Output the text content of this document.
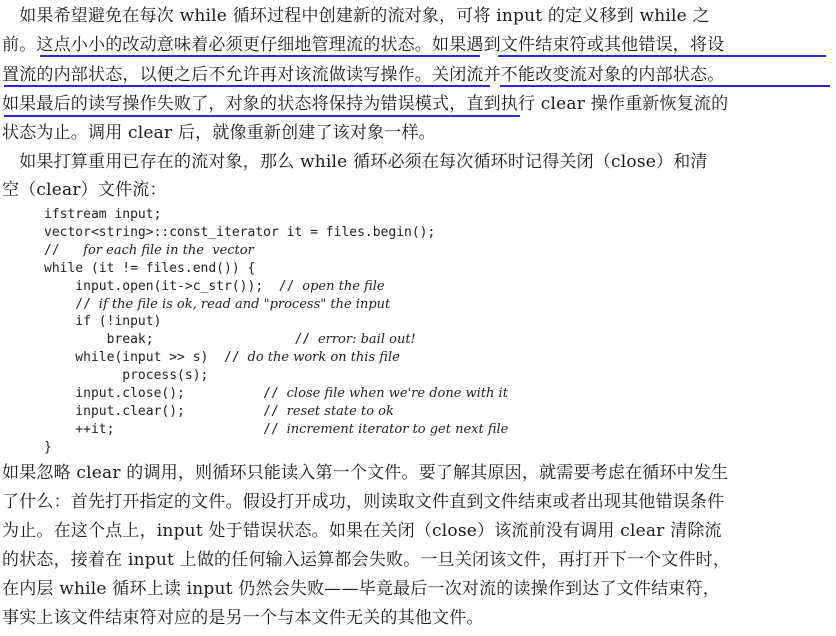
　如果希望避免在每次 while 循环过程中创建新的流对象，可将 input 的定义移到 while 之
前。这点小小的改动意味着必须更仔细地管理流的状态。如果遇到文件结束符或其他错误，将设
置流的内部状态，以便之后不允许再对该流做读写操作。关闭流并不能改变流对象的内部状态。
如果最后的读写操作失败了，对象的状态将保持为错误模式，直到执行 clear 操作重新恢复流的
状态为止。调用 clear 后，就像重新创建了该对象一样。
　如果打算重用已存在的流对象，那么 while 循环必须在每次循环时记得关闭（close）和清
空（clear）文件流：
ifstream input;
vector<string>::const_iterator it = files.begin();
//   for each file in the  vector
while (it != files.end()) {
input.open(it->c_str());  // open the file
// if the file is ok, read and "process" the input
if (!input)
break;                  // error: bail out!
while(input >> s)  // do the work on this file
process(s);
input.close();          // close file when we're done with it
input.clear();          // reset state to ok
++it;                   // increment iterator to get next file
}
如果忽略 clear 的调用，则循环只能读入第一个文件。要了解其原因，就需要考虑在循环中发生
了什么：首先打开指定的文件。假设打开成功，则读取文件直到文件结束或者出现其他错误条件
为止。在这个点上，input 处于错误状态。如果在关闭（close）该流前没有调用 clear 清除流
的状态，接着在 input 上做的任何输入运算都会失败。一旦关闭该文件，再打开下一个文件时，
在内层 while 循环上读 input 仍然会失败——毕竟最后一次对流的读操作到达了文件结束符，
事实上该文件结束符对应的是另一个与本文件无关的其他文件。
